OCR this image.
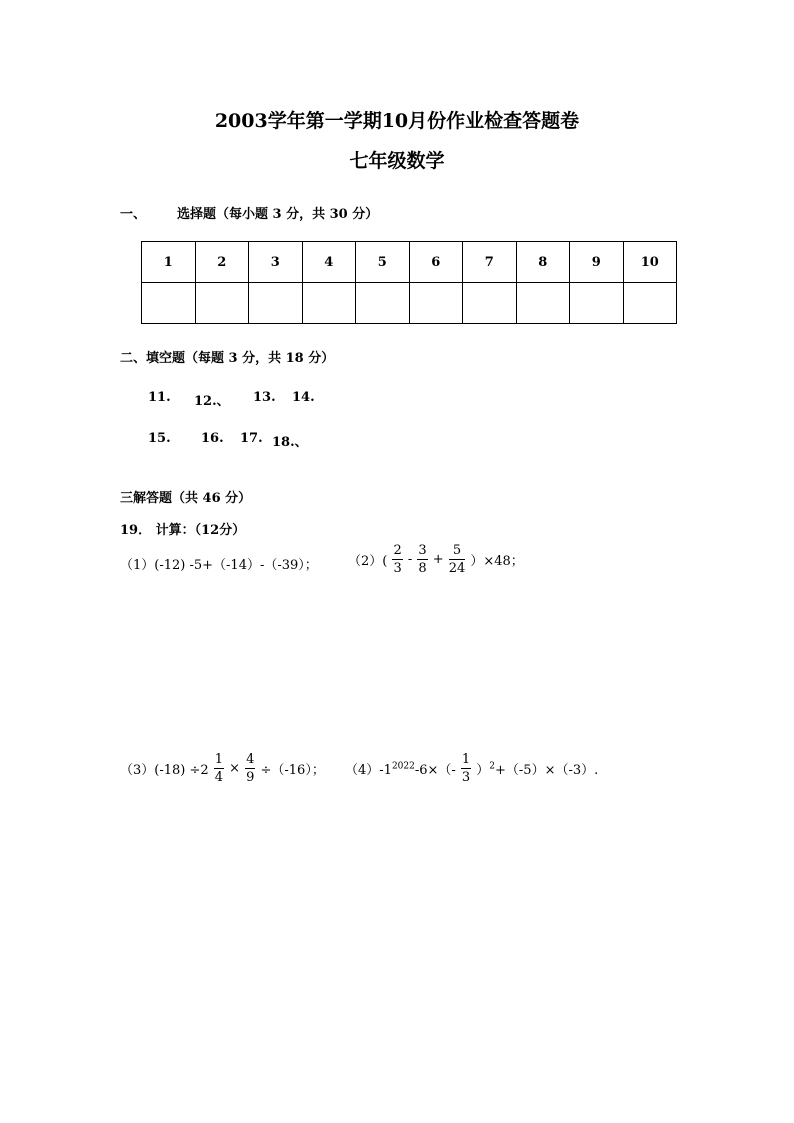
2003学年第一学期10月份作业检查答题卷
七年级数学
一、 选择题（每小题 3 分，共 30 分）
1	2	3	4	5	6	7	8	9	10

二、填空题（每题 3 分，共 18 分）
11. 12.、 13. 14.
15. 16. 17. 18.、
三解答题（共 46 分）
19． 计算：（12分）
（1）(-12) -5+（-14）-（-39）； $(2)( \frac{2}{3} - \frac{3}{8} + \frac{5}{24} )\times 48$；
$(3)(-18) \div 2 \frac{1}{4} \times \frac{4}{9} \div(-16)$； $(4)-1^{2022}-6\times(- \frac{1}{3} )^2+(-5)\times(-3)$.
